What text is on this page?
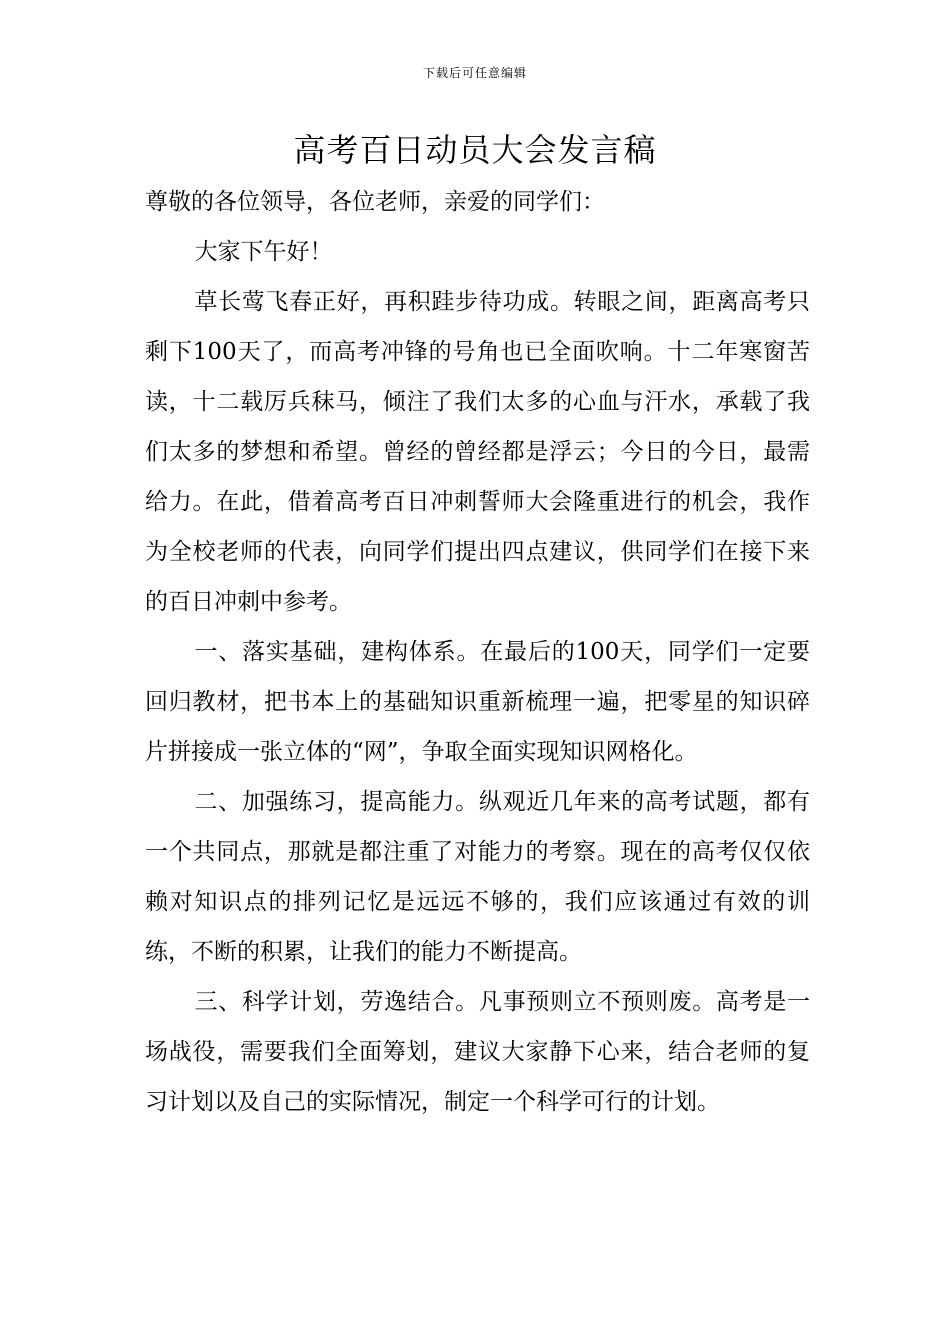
下载后可任意编辑
高考百日动员大会发言稿

尊敬的各位领导，各位老师，亲爱的同学们：

大家下午好！

草长莺飞春正好，再积跬步待功成。转眼之间，距离高考只剩下100天了，而高考冲锋的号角也已全面吹响。十二年寒窗苦读，十二载厉兵秣马，倾注了我们太多的心血与汗水，承载了我们太多的梦想和希望。曾经的曾经都是浮云；今日的今日，最需给力。在此，借着高考百日冲刺誓师大会隆重进行的机会，我作为全校老师的代表，向同学们提出四点建议，供同学们在接下来的百日冲刺中参考。

一、落实基础，建构体系。在最后的100天，同学们一定要回归教材，把书本上的基础知识重新梳理一遍，把零星的知识碎片拼接成一张立体的“网”，争取全面实现知识网格化。

二、加强练习，提高能力。纵观近几年来的高考试题，都有一个共同点，那就是都注重了对能力的考察。现在的高考仅仅依赖对知识点的排列记忆是远远不够的，我们应该通过有效的训练，不断的积累，让我们的能力不断提高。

三、科学计划，劳逸结合。凡事预则立不预则废。高考是一场战役，需要我们全面筹划，建议大家静下心来，结合老师的复习计划以及自己的实际情况，制定一个科学可行的计划。
